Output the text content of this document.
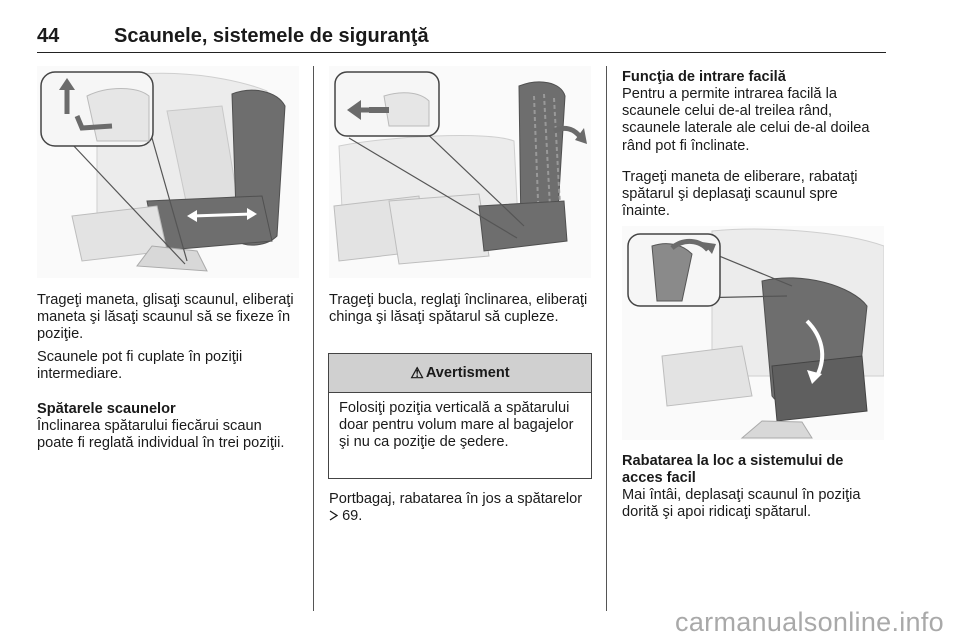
44	Scaunele, sistemele de siguranţă

Trageţi maneta, glisaţi scaunul, eliberaţi maneta şi lăsaţi scaunul să se fixeze în poziţie.

Scaunele pot fi cuplate în poziţii intermediare.

Spătarele scaunelor

Înclinarea spătarului fiecărui scaun poate fi reglată individual în trei poziţii.

Trageţi bucla, reglaţi înclinarea, eliberaţi chinga şi lăsaţi spătarul să cupleze.

⚠ Avertisment
Folosiţi poziţia verticală a spătarului doar pentru volum mare al bagajelor şi nu ca poziţie de şedere.

Portbagaj, rabatarea în jos a spătarelor  69.

Funcţia de intrare facilă

Pentru a permite intrarea facilă la scaunele celui de-al treilea rând, scaunele laterale ale celui de-al doilea rând pot fi înclinate.

Trageţi maneta de eliberare, rabataţi spătarul şi deplasaţi scaunul spre înainte.

Rabatarea la loc a sistemului de acces facil

Mai întâi, deplasaţi scaunul în poziţia dorită şi apoi ridicaţi spătarul.

carmanualsonline.info
